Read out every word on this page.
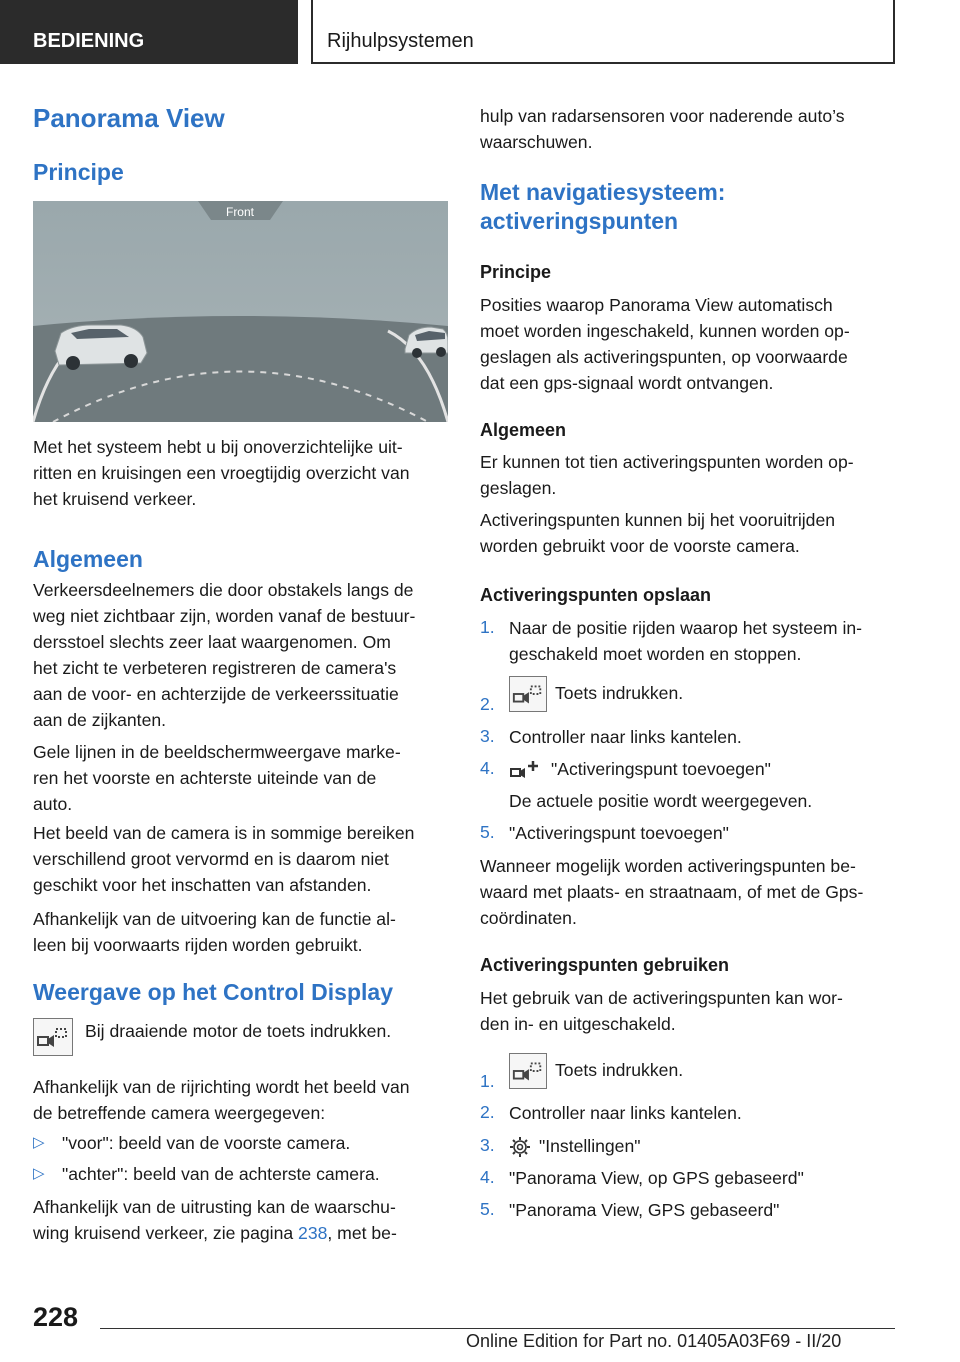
BEDIENING	Rijhulpsystemen
Panorama View
Principe
Front

Met het systeem hebt u bij onoverzichtelijke uit-
ritten en kruisingen een vroegtijdig overzicht van
het kruisend verkeer.

Algemeen

Verkeersdeelnemers die door obstakels langs de
weg niet zichtbaar zijn, worden vanaf de bestuur-
dersstoel slechts zeer laat waargenomen. Om
het zicht te verbeteren registreren de camera's
aan de voor- en achterzijde de verkeerssituatie
aan de zijkanten.

Gele lijnen in de beeldschermweergave marke-
ren het voorste en achterste uiteinde van de
auto.

Het beeld van de camera is in sommige bereiken
verschillend groot vervormd en is daarom niet
geschikt voor het inschatten van afstanden.

Afhankelijk van de uitvoering kan de functie al-
leen bij voorwaarts rijden worden gebruikt.

Weergave op het Control Display
Bij draaiende motor de toets indrukken.

Afhankelijk van de rijrichting wordt het beeld van
de betreffende camera weergegeven:

▷ "voor": beeld van de voorste camera.
▷ "achter": beeld van de achterste camera.

Afhankelijk van de uitrusting kan de waarschu-
wing kruisend verkeer, zie pagina 238, met be-

hulp van radarsensoren voor naderende auto’s
waarschuwen.

Met navigatiesysteem:
activeringspunten
Principe

Posities waarop Panorama View automatisch
moet worden ingeschakeld, kunnen worden op-
geslagen als activeringspunten, op voorwaarde
dat een gps-signaal wordt ontvangen.

Algemeen

Er kunnen tot tien activeringspunten worden op-
geslagen.

Activeringspunten kunnen bij het vooruitrijden
worden gebruikt voor de voorste camera.

Activeringspunten opslaan
1. Naar de positie rijden waarop het systeem in-
geschakeld moet worden en stoppen.
2.
Toets indrukken.
3. Controller naar links kantelen.
4.	"Activeringspunt toevoegen"
De actuele positie wordt weergegeven.
5. "Activeringspunt toevoegen"

Wanneer mogelijk worden activeringspunten be-
waard met plaats- en straatnaam, of met de Gps-
coördinaten.

Activeringspunten gebruiken

Het gebruik van de activeringspunten kan wor-
den in- en uitgeschakeld.

1.
Toets indrukken.
2. Controller naar links kantelen.
3.	"Instellingen"
4. "Panorama View, op GPS gebaseerd"
5. "Panorama View, GPS gebaseerd"
228
Online Edition for Part no. 01405A03F69 - II/20
